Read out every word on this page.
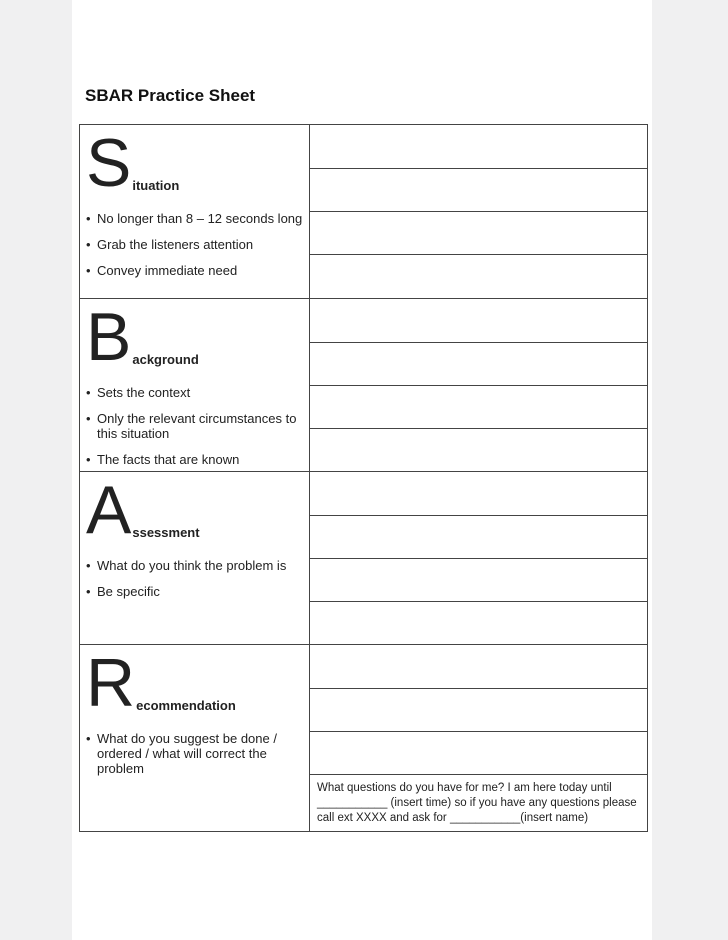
SBAR Practice Sheet
Situation
• No longer than 8 – 12 seconds long
• Grab the listeners attention
• Convey immediate need
Background
• Sets the context
• Only the relevant circumstances to this situation
• The facts that are known
Assessment
• What do you think the problem is
• Be specific
Recommendation
• What do you suggest be done / ordered / what will correct the problem
What questions do you have for me? I am here today until ___________ (insert time) so if you have any questions please call ext XXXX and ask for ___________(insert name)
